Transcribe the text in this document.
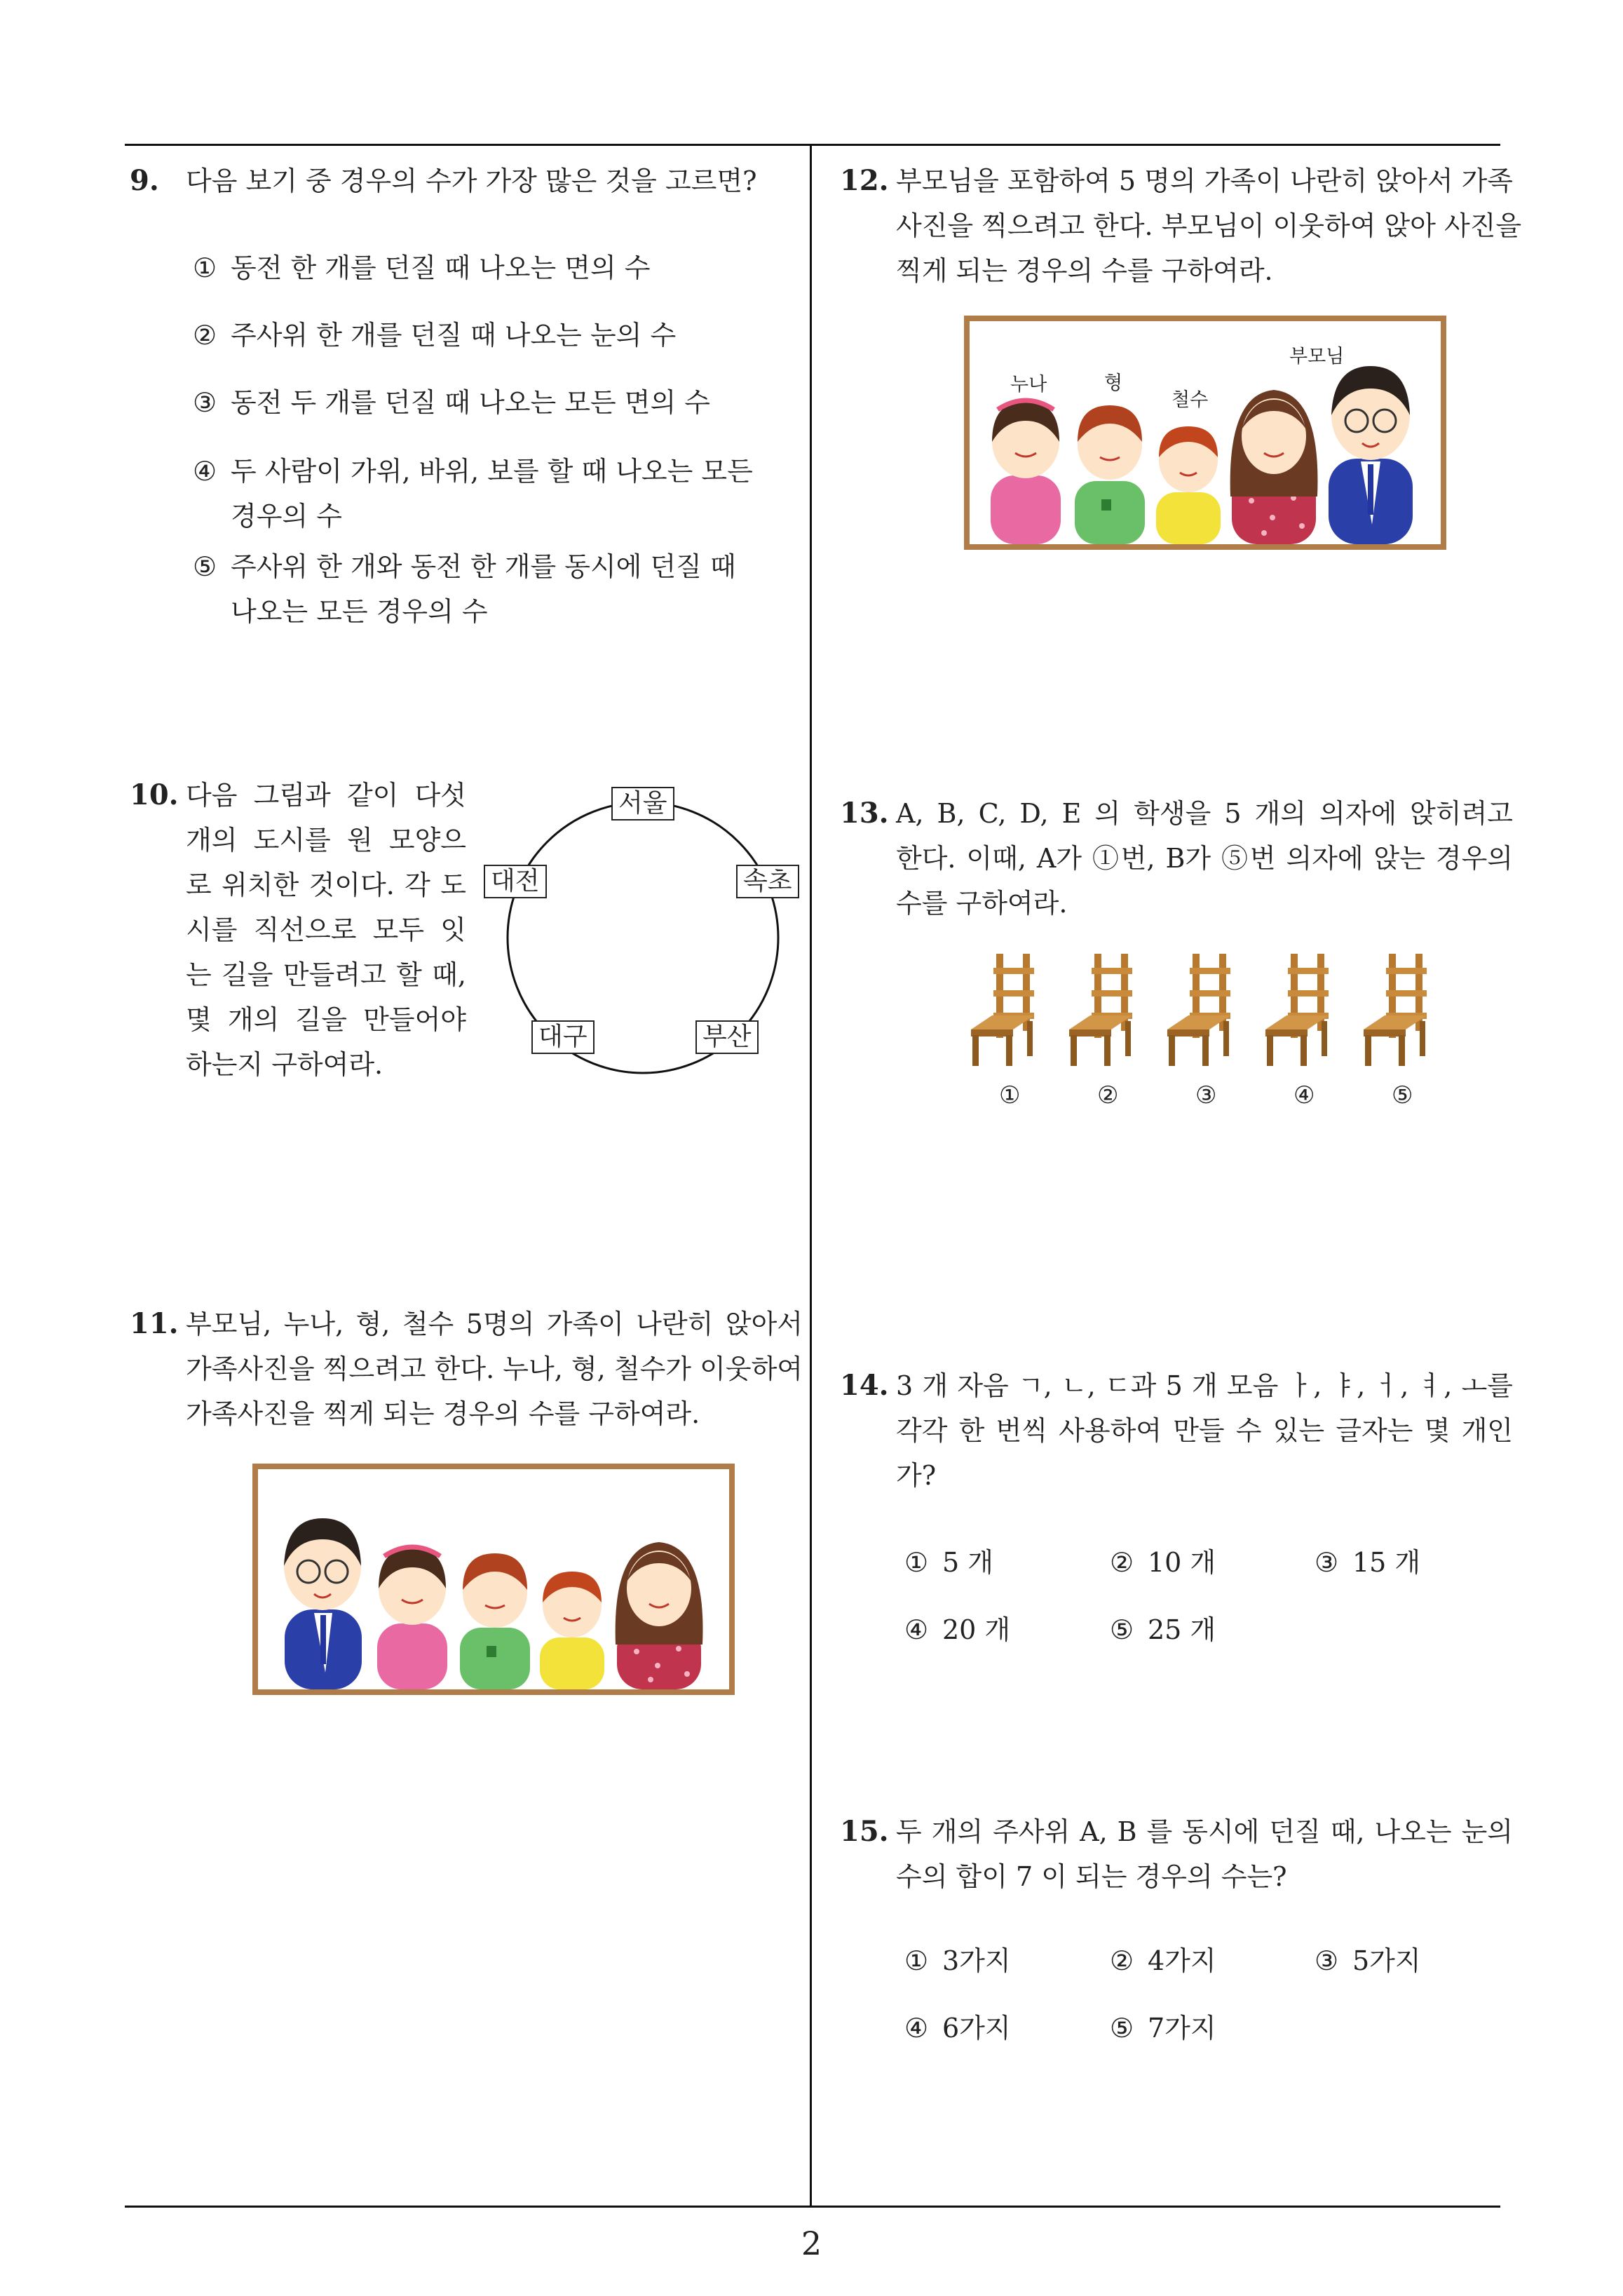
9.	다음 보기 중 경우의 수가 가장 많은 것을 고르면?
① 동전 한 개를 던질 때 나오는 면의 수
② 주사위 한 개를 던질 때 나오는 눈의 수
③ 동전 두 개를 던질 때 나오는 모든 면의 수
④ 두 사람이 가위, 바위, 보를 할 때 나오는 모든
경우의 수
⑤ 주사위 한 개와 동전 한 개를 동시에 던질 때
나오는 모든 경우의 수
10. 다음 그림과 같이 다섯
개의 도시를 원 모양으
로 위치한 것이다. 각 도
시를 직선으로 모두 잇
는 길을 만들려고 할 때,
몇 개의 길을 만들어야
하는지 구하여라.
서울
속초
부산
대구
대전
11. 부모님, 누나, 형, 철수 5명의 가족이 나란히 앉아서
가족사진을 찍으려고 한다. 누나, 형, 철수가 이웃하여
가족사진을 찍게 되는 경우의 수를 구하여라.
12. 부모님을 포함하여 5 명의 가족이 나란히 앉아서 가족
사진을 찍으려고 한다. 부모님이 이웃하여 앉아 사진을
찍게 되는 경우의 수를 구하여라.
누나	형
철수
부모님
13. A, B, C, D, E 의 학생을 5 개의 의자에 앉히려고
한다. 이때, A가 ①번, B가 ⑤번 의자에 앉는 경우의
수를 구하여라.
①	②	③	④	⑤
14. 3 개 자음 ㄱ, ㄴ, ㄷ과 5 개 모음 ㅏ, ㅑ, ㅓ, ㅕ, ㅗ를
각각 한 번씩 사용하여 만들 수 있는 글자는 몇 개인
가?
① 5 개	② 10 개	③ 15 개
④ 20 개	⑤ 25 개
15. 두 개의 주사위 A, B 를 동시에 던질 때, 나오는 눈의
수의 합이 7 이 되는 경우의 수는?
① 3가지	② 4가지	③ 5가지
④ 6가지	⑤ 7가지
2
